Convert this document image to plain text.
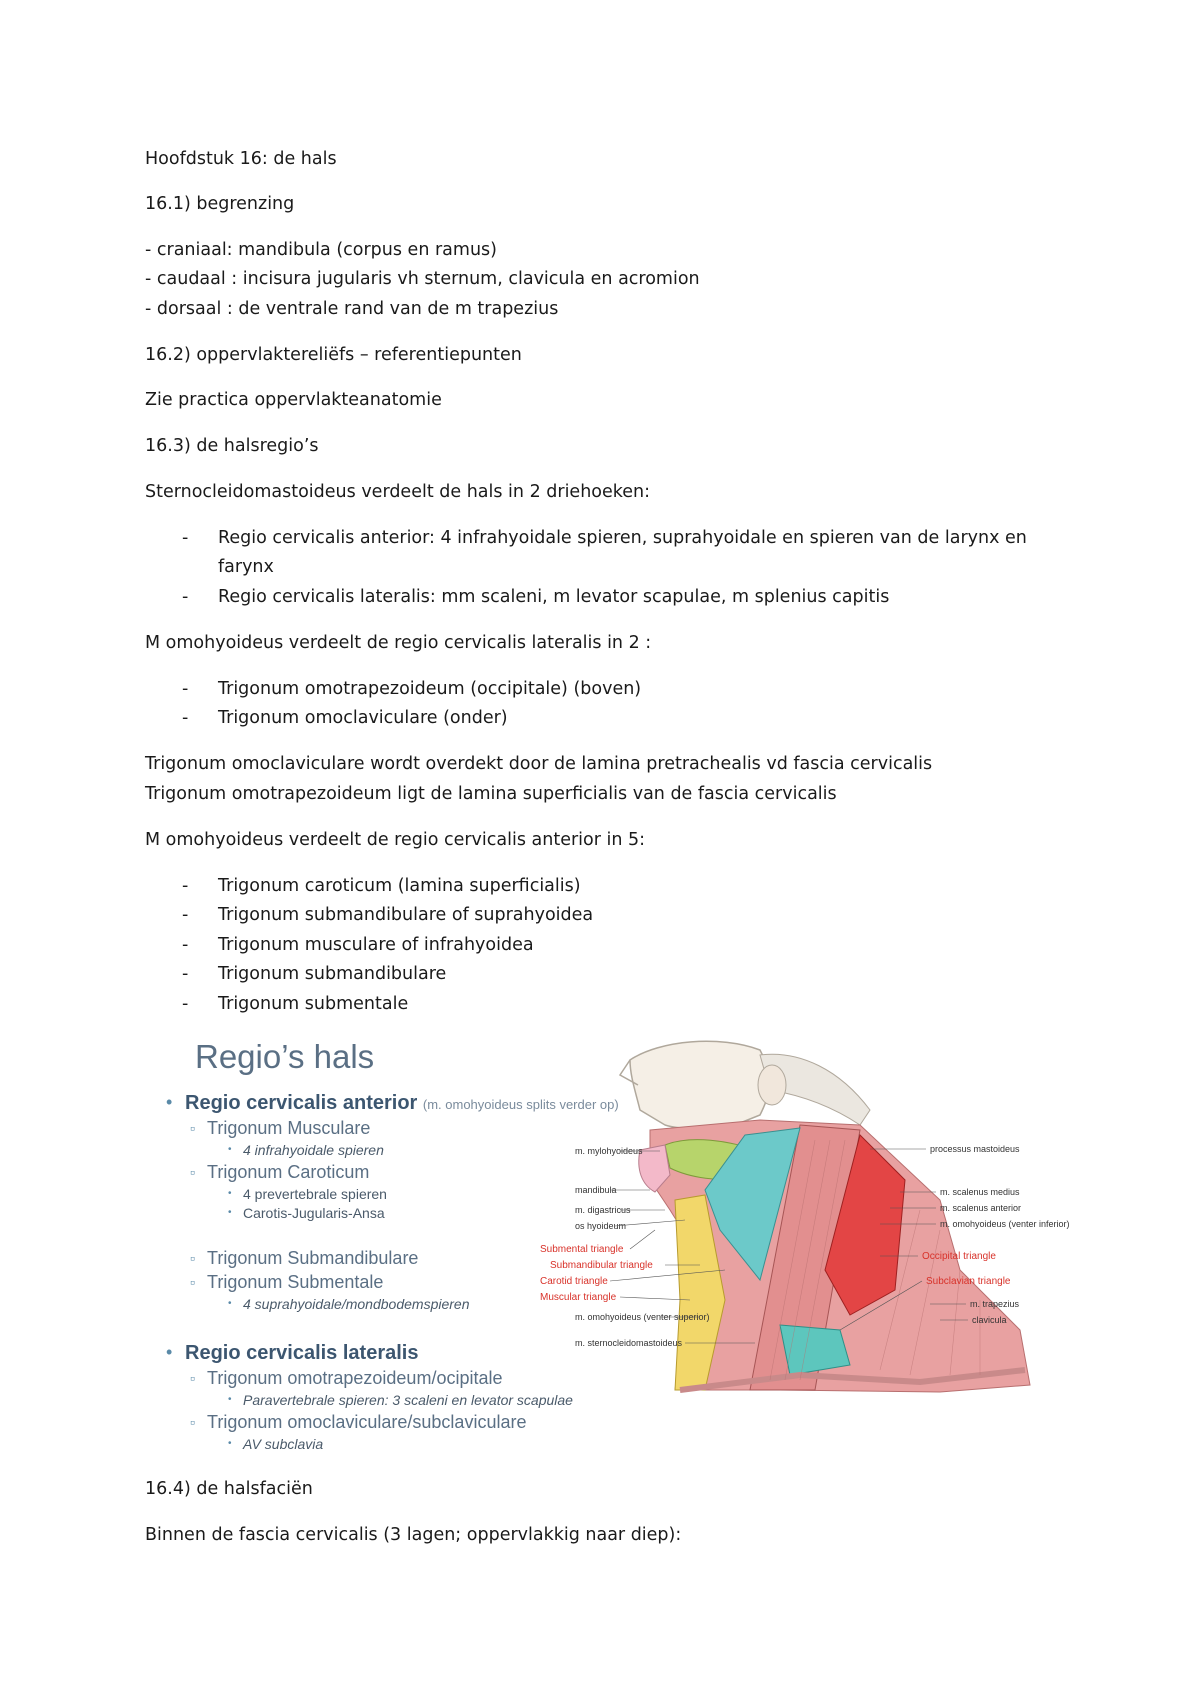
Hoofdstuk 16: de hals
16.1) begrenzing
- craniaal: mandibula (corpus en ramus)
- caudaal : incisura jugularis vh sternum, clavicula en acromion
- dorsaal : de ventrale rand van de m trapezius
16.2) oppervlaktereliëfs – referentiepunten
Zie practica oppervlakteanatomie
16.3) de halsregio’s
Sternocleidomastoideus verdeelt de hals in 2 driehoeken:
- Regio cervicalis anterior: 4 infrahyoidale spieren, suprahyoidale en spieren van de larynx en
farynx
- Regio cervicalis lateralis: mm scaleni, m levator scapulae, m splenius capitis
M omohyoideus verdeelt de regio cervicalis lateralis in 2 :
- Trigonum omotrapezoideum (occipitale) (boven)
- Trigonum omoclaviculare (onder)
Trigonum omoclaviculare wordt overdekt door de lamina pretrachealis vd fascia cervicalis
Trigonum omotrapezoideum ligt de lamina superficialis van de fascia cervicalis
M omohyoideus verdeelt de regio cervicalis anterior in 5:
- Trigonum caroticum (lamina superficialis)
- Trigonum submandibulare of suprahyoidea
- Trigonum musculare of infrahyoidea
- Trigonum submandibulare
- Trigonum submentale
Regio’s hals
• Regio cervicalis anterior (m. omohyoideus splits verder op)
▫ Trigonum Musculare
• 4 infrahyoidale spieren
▫ Trigonum Caroticum
• 4 prevertebrale spieren
• Carotis-Jugularis-Ansa
▫ Trigonum Submandibulare
▫ Trigonum Submentale
• 4 suprahyoidale/mondbodemspieren
• Regio cervicalis lateralis
▫ Trigonum omotrapezoideum/ocipitale
• Paravertebrale spieren: 3 scaleni en levator scapulae
▫ Trigonum omoclaviculare/subclaviculare
• AV subclavia
m. mylohyoideus
mandibula
m. digastricus
os hyoideum
m. omohyoideus (venter superior)
m. sternocleidomastoideus
Submental triangle
Submandibular triangle
Carotid triangle
Muscular triangle
processus mastoideus
m. scalenus medius
m. scalenus anterior
m. omohyoideus (venter inferior)
m. trapezius
clavicula
Occipital triangle
Subclavian triangle
16.4) de halsfaciën
Binnen de fascia cervicalis (3 lagen; oppervlakkig naar diep):
